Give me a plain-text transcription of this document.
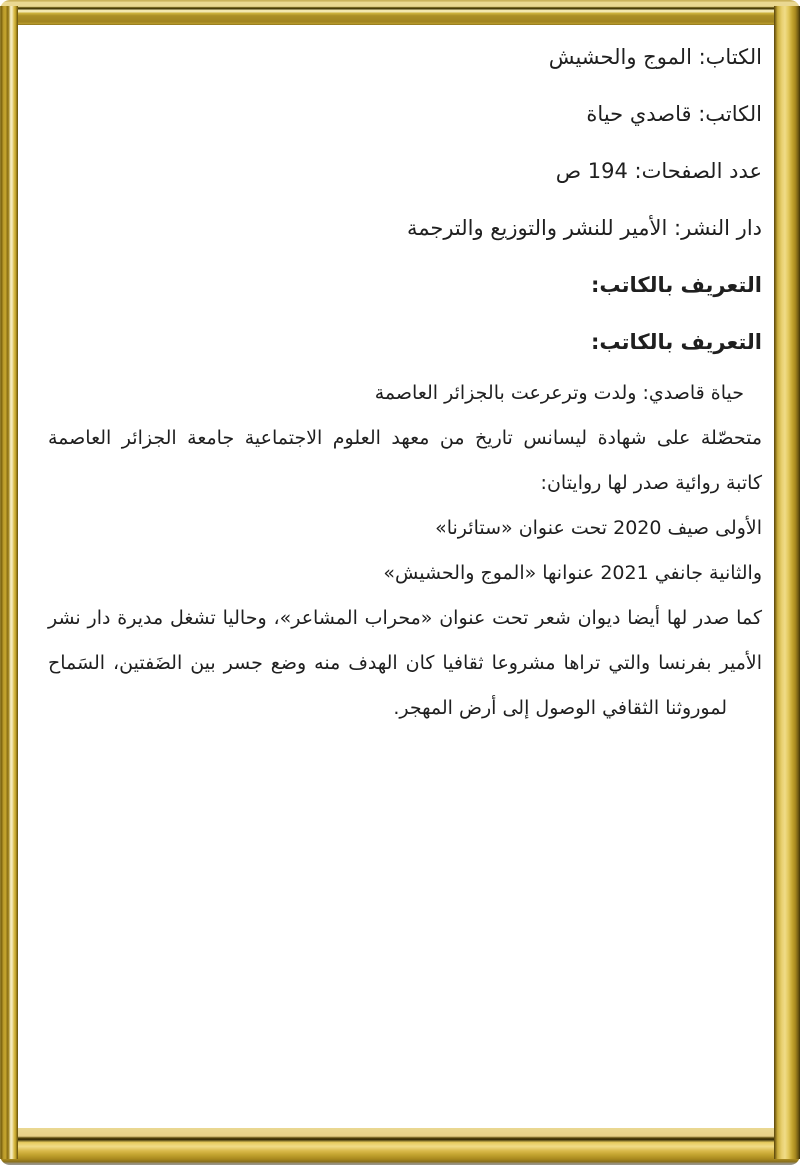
الكتاب: الموج والحشيش
الكاتب: قاصدي حياة
عدد الصفحات: 194 ص
دار النشر: الأمير للنشر والتوزيع والترجمة
التعريف بالكاتب:
التعريف بالكاتب:
حياة قاصدي: ولدت وترعرعت بالجزائر العاصمة
متحصّلة على شهادة ليسانس تاريخ من معهد العلوم الاجتماعية جامعة الجزائر العاصمة
كاتبة روائية صدر لها روايتان:
الأولى صيف 2020 تحت عنوان «ستائرنا»
والثانية جانفي 2021 عنوانها «الموج والحشيش»
كما صدر لها أيضا ديوان شعر تحت عنوان «محراب المشاعر»، وحاليا تشغل مديرة دار نشر
الأمير بفرنسا والتي تراها مشروعا ثقافيا كان الهدف منه وضع جسر بين الضَفتين، السَماح
لموروثنا الثقافي الوصول إلى أرض المهجر.
